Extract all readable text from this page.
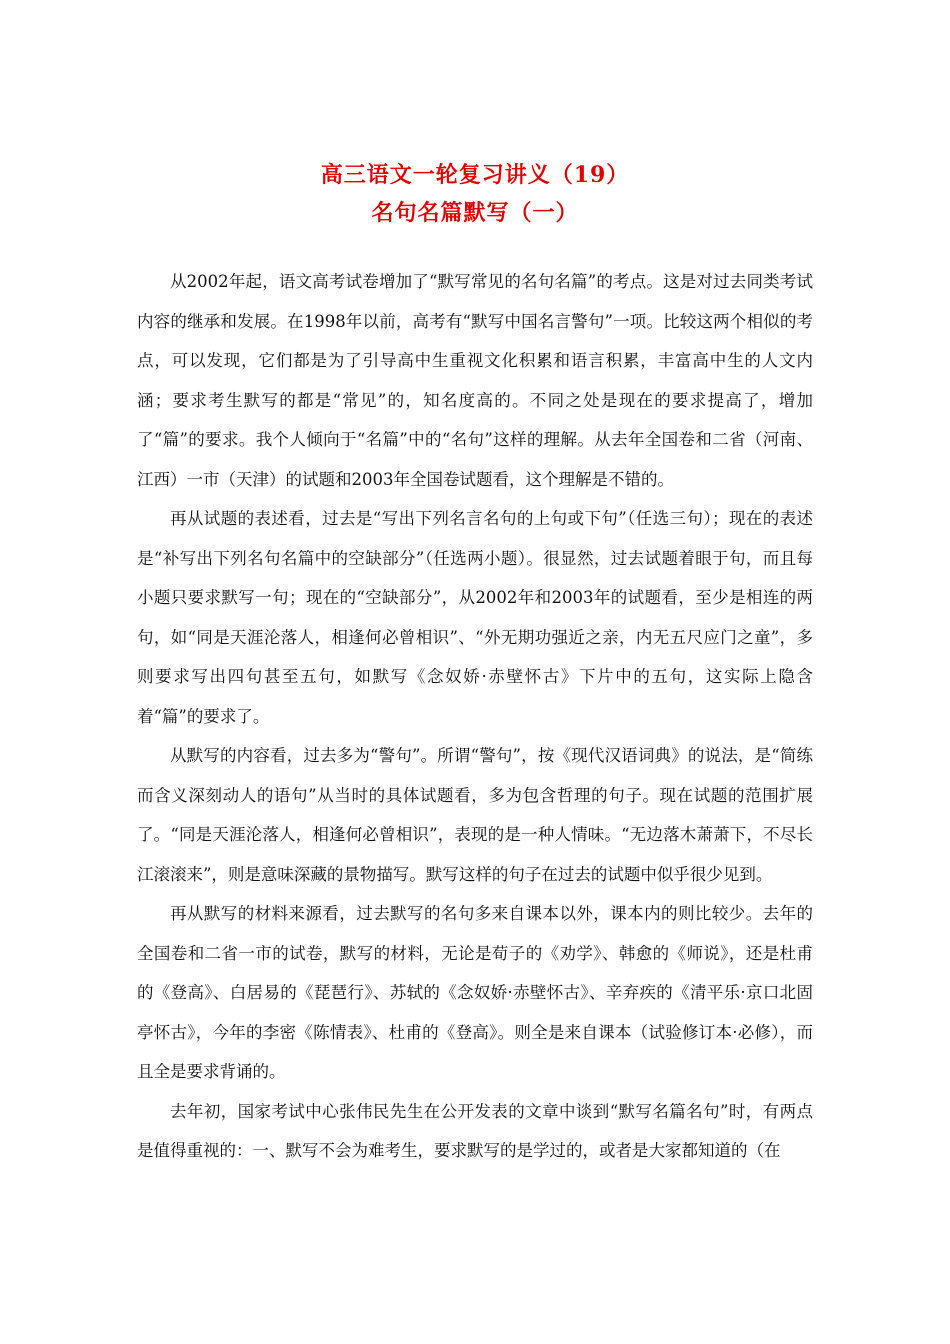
高三语文一轮复习讲义（19）
名句名篇默写（一）

从2002年起，语文高考试卷增加了“默写常见的名句名篇”的考点。这是对过去同类考试内容的继承和发展。在1998年以前，高考有“默写中国名言警句”一项。比较这两个相似的考点，可以发现，它们都是为了引导高中生重视文化积累和语言积累，丰富高中生的人文内涵；要求考生默写的都是“常见”的，知名度高的。不同之处是现在的要求提高了，增加了“篇”的要求。我个人倾向于“名篇”中的“名句”这样的理解。从去年全国卷和二省（河南、江西）一市（天津）的试题和2003年全国卷试题看，这个理解是不错的。

再从试题的表述看，过去是“写出下列名言名句的上句或下句”（任选三句）；现在的表述是“补写出下列名句名篇中的空缺部分”（任选两小题）。很显然，过去试题着眼于句，而且每小题只要求默写一句；现在的“空缺部分”，从2002年和2003年的试题看，至少是相连的两句，如“同是天涯沦落人，相逢何必曾相识”、“外无期功强近之亲，内无五尺应门之童”，多则要求写出四句甚至五句，如默写《念奴娇·赤壁怀古》下片中的五句，这实际上隐含着“篇”的要求了。

从默写的内容看，过去多为“警句”。所谓“警句”，按《现代汉语词典》的说法，是“简练而含义深刻动人的语句”从当时的具体试题看，多为包含哲理的句子。现在试题的范围扩展了。“同是天涯沦落人，相逢何必曾相识”，表现的是一种人情味。“无边落木萧萧下，不尽长江滚滚来”，则是意味深藏的景物描写。默写这样的句子在过去的试题中似乎很少见到。

再从默写的材料来源看，过去默写的名句多来自课本以外，课本内的则比较少。去年的全国卷和二省一市的试卷，默写的材料，无论是荀子的《劝学》、韩愈的《师说》，还是杜甫的《登高》、白居易的《琵琶行》、苏轼的《念奴娇·赤壁怀古》、辛弃疾的《清平乐·京口北固亭怀古》，今年的李密《陈情表》、杜甫的《登高》。则全是来自课本（试验修订本·必修），而且全是要求背诵的。

去年初，国家考试中心张伟民先生在公开发表的文章中谈到“默写名篇名句”时，有两点是值得重视的：一、默写不会为难考生，要求默写的是学过的，或者是大家都知道的（在
